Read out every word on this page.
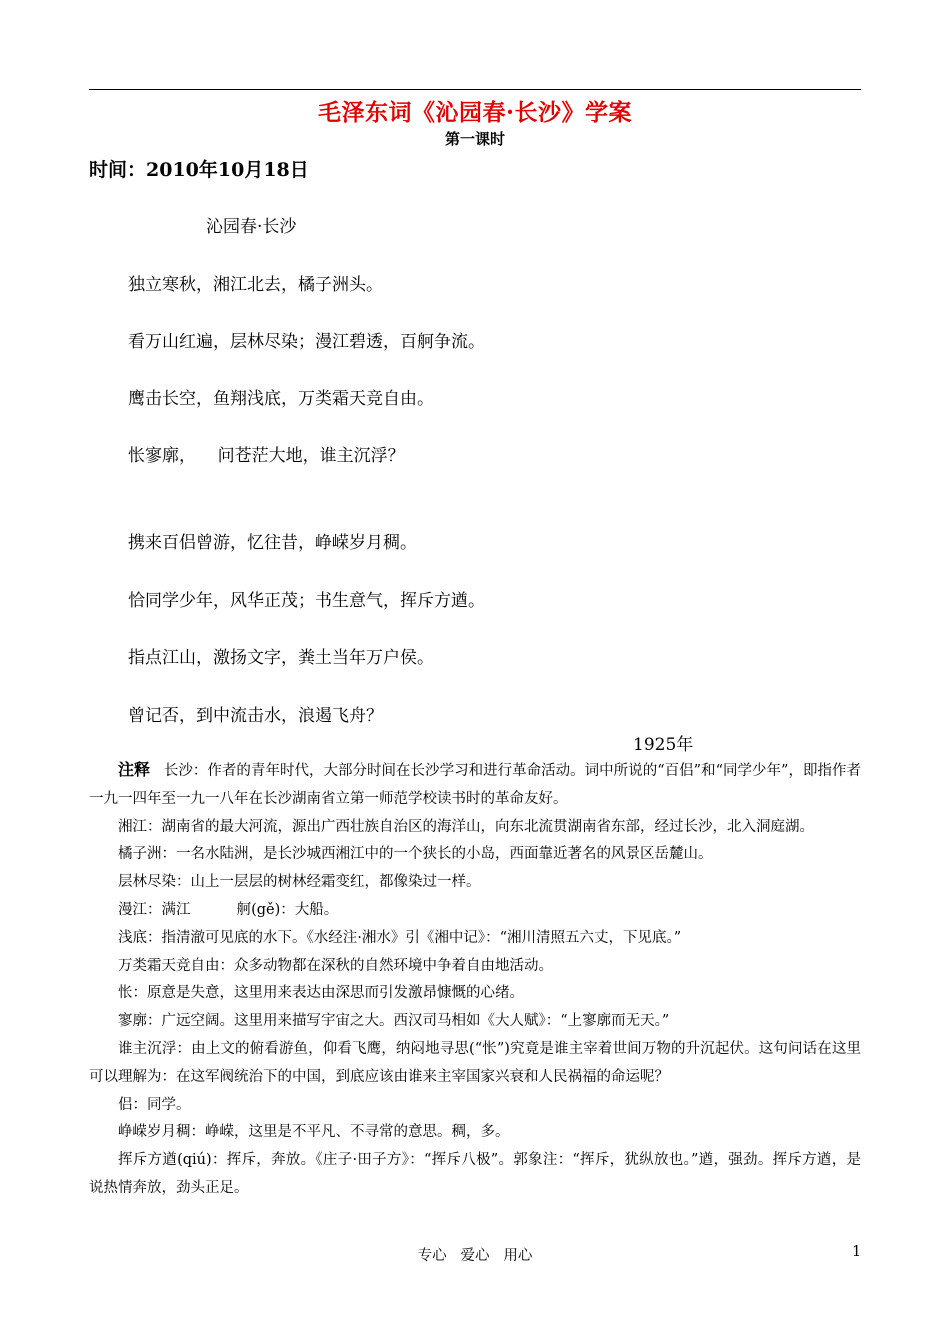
毛泽东词《沁园春·长沙》学案
第一课时
时间：2010年10月18日
沁园春·长沙
独立寒秋，湘江北去，橘子洲头。
看万山红遍，层林尽染；漫江碧透，百舸争流。
鹰击长空，鱼翔浅底，万类霜天竞自由。
怅寥廓，    问苍茫大地，谁主沉浮？
携来百侣曾游，忆往昔，峥嵘岁月稠。
恰同学少年，风华正茂；书生意气，挥斥方遒。
指点江山，激扬文字，粪土当年万户侯。
曾记否，到中流击水，浪遏飞舟？
1925年

注释 长沙：作者的青年时代，大部分时间在长沙学习和进行革命活动。词中所说的“百侣”和“同学少年”，即指作者一九一四年至一九一八年在长沙湖南省立第一师范学校读书时的革命友好。

湘江：湖南省的最大河流，源出广西壮族自治区的海洋山，向东北流贯湖南省东部，经过长沙，北入洞庭湖。

橘子洲：一名水陆洲，是长沙城西湘江中的一个狭长的小岛，西面靠近著名的风景区岳麓山。

层林尽染：山上一层层的树林经霜变红，都像染过一样。

漫江：满江          舸(gě)：大船。

浅底：指清澈可见底的水下。《水经注·湘水》引《湘中记》：“湘川清照五六丈，下见底。”

万类霜天竞自由：众多动物都在深秋的自然环境中争着自由地活动。

怅：原意是失意，这里用来表达由深思而引发激昂慷慨的心绪。

寥廓：广远空阔。这里用来描写宇宙之大。西汉司马相如《大人赋》：“上寥廓而无天。”

谁主沉浮：由上文的俯看游鱼，仰看飞鹰，纳闷地寻思(“怅”)究竟是谁主宰着世间万物的升沉起伏。这句问话在这里可以理解为：在这军阀统治下的中国，到底应该由谁来主宰国家兴衰和人民祸福的命运呢？

侣：同学。

峥嵘岁月稠：峥嵘，这里是不平凡、不寻常的意思。稠，多。

挥斥方遒(qiú)：挥斥，奔放。《庄子·田子方》：“挥斥八极”。郭象注：“挥斥，犹纵放也。”遒，强劲。挥斥方遒，是说热情奔放，劲头正足。

专心   爱心   用心	1
